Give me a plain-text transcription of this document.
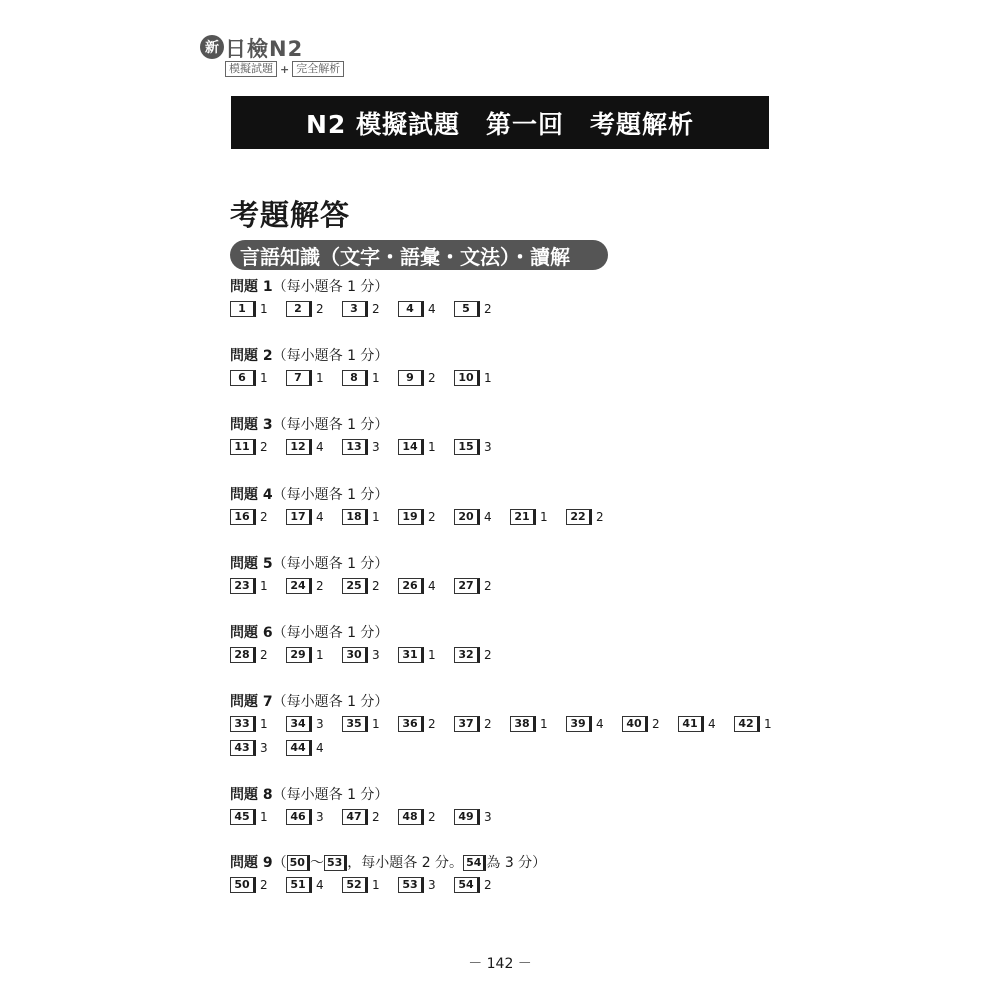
新 日檢N2
模擬試題 + 完全解析
N2 模擬試題　第一回　考題解析
考題解答
言語知識（文字・語彙・文法）・讀解
問題 1（每小題各 1 分）
1	1	2	2	3	2	4	4	5	2
問題 2（每小題各 1 分）
6	1	7	1	8	1	9	2	10 1
問題 3（每小題各 1 分）
11 2	12 4	13 3	14 1	15 3
問題 4（每小題各 1 分）
16 2	17 4	18 1	19 2	20 4	21 1	22 2
問題 5（每小題各 1 分）
23 1	24 2	25 2	26 4	27 2
問題 6（每小題各 1 分）
28 2	29 1	30 3	31 1	32 2
問題 7（每小題各 1 分）
33 1	34 3	35 1	36 2	37 2	38 1	39 4	40 2	41 4	42 1
43 3	44 4
問題 8（每小題各 1 分）
45 1	46 3	47 2	48 2	49 3
問題 9（ 50 ～ 53 ，每小題各 2 分。 54 為 3 分）
50 2	51 4	52 1	53 3	54 2
－ 142 －
